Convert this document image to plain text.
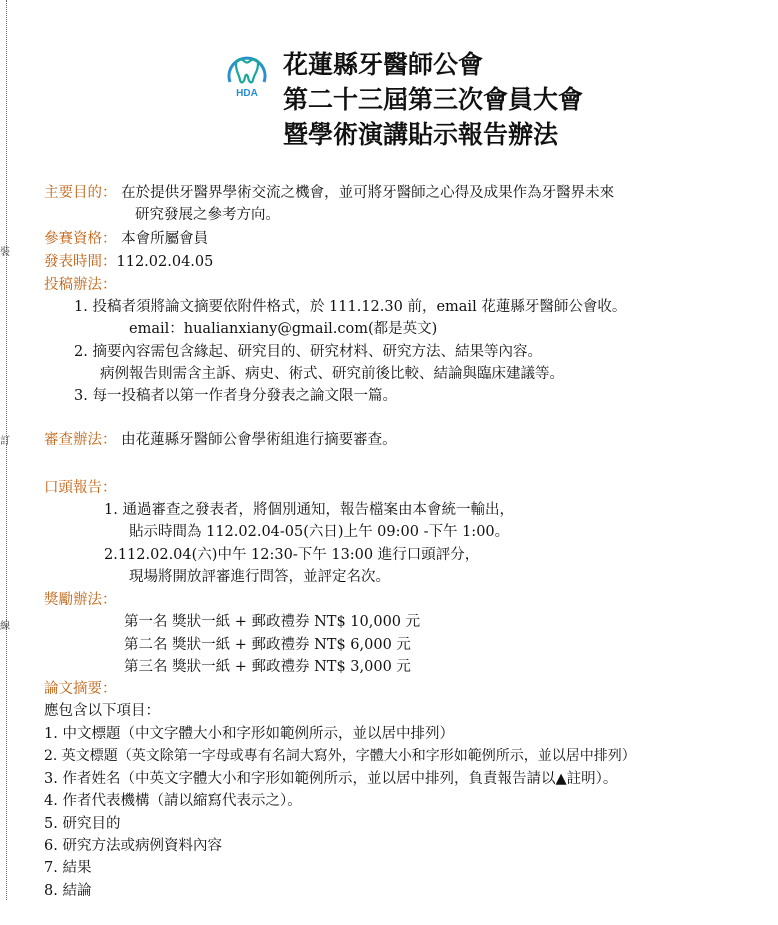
裝
訂
線
HDA
花蓮縣牙醫師公會
第二十三屆第三次會員大會
暨學術演講貼示報告辦法
主要目的： 在於提供牙醫界學術交流之機會，並可將牙醫師之心得及成果作為牙醫界未來
研究發展之參考方向。
參賽資格： 本會所屬會員
發表時間：112.02.04.05
投稿辦法：
1. 投稿者須將論文摘要依附件格式，於 111.12.30 前，email 花蓮縣牙醫師公會收。
email：hualianxiany@gmail.com(都是英文)
2. 摘要內容需包含緣起、研究目的、研究材料、研究方法、結果等內容。
病例報告則需含主訴、病史、術式、研究前後比較、結論與臨床建議等。
3. 每一投稿者以第一作者身分發表之論文限一篇。
審查辦法： 由花蓮縣牙醫師公會學術組進行摘要審查。
口頭報告：
1. 通過審查之發表者，將個別通知，報告檔案由本會統一輸出，
貼示時間為 112.02.04-05(六日)上午 09:00 -下午 1:00。
2.112.02.04(六)中午 12:30-下午 13:00 進行口頭評分，
現場將開放評審進行問答，並評定名次。
獎勵辦法：
第一名 獎狀一紙 + 郵政禮券 NT$ 10,000 元
第二名 獎狀一紙 + 郵政禮券 NT$ 6,000 元
第三名 獎狀一紙 + 郵政禮券 NT$ 3,000 元
論文摘要：
應包含以下項目：
1. 中文標題（中文字體大小和字形如範例所示，並以居中排列）
2. 英文標題（英文除第一字母或專有名詞大寫外，字體大小和字形如範例所示，並以居中排列）
3. 作者姓名（中英文字體大小和字形如範例所示，並以居中排列，負責報告請以▲註明）。
4. 作者代表機構（請以縮寫代表示之）。
5. 研究目的
6. 研究方法或病例資料內容
7. 結果
8. 結論
